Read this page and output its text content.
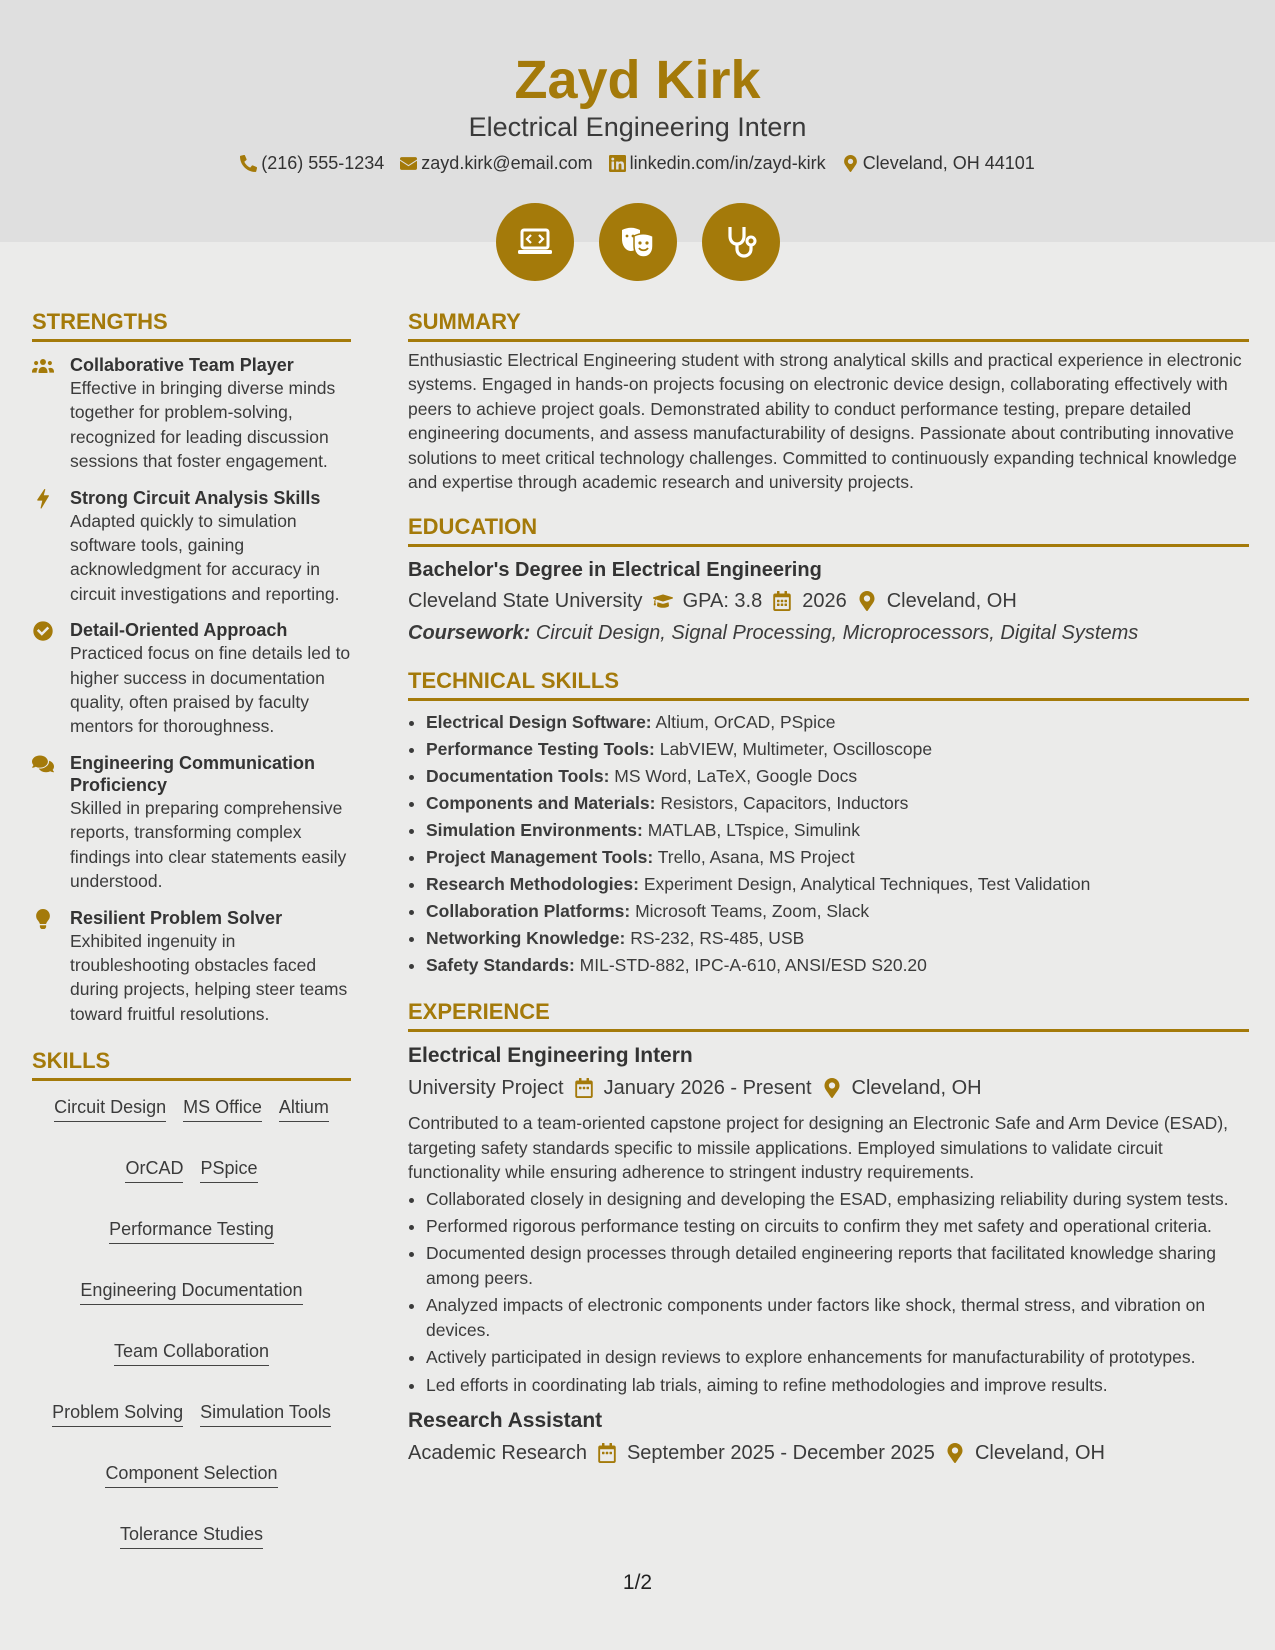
Zayd Kirk
Electrical Engineering Intern
(216) 555-1234 zayd.kirk@email.com linkedin.com/in/zayd-kirk Cleveland, OH 44101
STRENGTHS
Collaborative Team Player
Effective in bringing diverse minds together for problem-solving, recognized for leading discussion sessions that foster engagement.
Strong Circuit Analysis Skills
Adapted quickly to simulation software tools, gaining acknowledgment for accuracy in circuit investigations and reporting.
Detail-Oriented Approach
Practiced focus on fine details led to higher success in documentation quality, often praised by faculty mentors for thoroughness.
Engineering Communication Proficiency
Skilled in preparing comprehensive reports, transforming complex findings into clear statements easily understood.
Resilient Problem Solver
Exhibited ingenuity in troubleshooting obstacles faced during projects, helping steer teams toward fruitful resolutions.
SKILLS
Circuit Design MS Office Altium
OrCAD PSpice
Performance Testing
Engineering Documentation
Team Collaboration
Problem Solving Simulation Tools
Component Selection
Tolerance Studies
SUMMARY

Enthusiastic Electrical Engineering student with strong analytical skills and practical experience in electronic systems. Engaged in hands-on projects focusing on electronic device design, collaborating effectively with peers to achieve project goals. Demonstrated ability to conduct performance testing, prepare detailed engineering documents, and assess manufacturability of designs. Passionate about contributing innovative solutions to meet critical technology challenges. Committed to continuously expanding technical knowledge and expertise through academic research and university projects.

EDUCATION
Bachelor's Degree in Electrical Engineering
Cleveland State University GPA: 3.8 2026 Cleveland, OH
Coursework: Circuit Design, Signal Processing, Microprocessors, Digital Systems
TECHNICAL SKILLS
• Electrical Design Software: Altium, OrCAD, PSpice
• Performance Testing Tools: LabVIEW, Multimeter, Oscilloscope
• Documentation Tools: MS Word, LaTeX, Google Docs
• Components and Materials: Resistors, Capacitors, Inductors
• Simulation Environments: MATLAB, LTspice, Simulink
• Project Management Tools: Trello, Asana, MS Project
• Research Methodologies: Experiment Design, Analytical Techniques, Test Validation
• Collaboration Platforms: Microsoft Teams, Zoom, Slack
• Networking Knowledge: RS-232, RS-485, USB
• Safety Standards: MIL-STD-882, IPC-A-610, ANSI/ESD S20.20
EXPERIENCE
Electrical Engineering Intern
University Project January 2026 - Present Cleveland, OH
Contributed to a team-oriented capstone project for designing an Electronic Safe and Arm Device (ESAD), targeting safety standards specific to missile applications. Employed simulations to validate circuit functionality while ensuring adherence to stringent industry requirements.
• Collaborated closely in designing and developing the ESAD, emphasizing reliability during system tests.
• Performed rigorous performance testing on circuits to confirm they met safety and operational criteria.
• Documented design processes through detailed engineering reports that facilitated knowledge sharing among peers.
• Analyzed impacts of electronic components under factors like shock, thermal stress, and vibration on devices.
• Actively participated in design reviews to explore enhancements for manufacturability of prototypes.
• Led efforts in coordinating lab trials, aiming to refine methodologies and improve results.
Research Assistant
Academic Research September 2025 - December 2025 Cleveland, OH
1/2
